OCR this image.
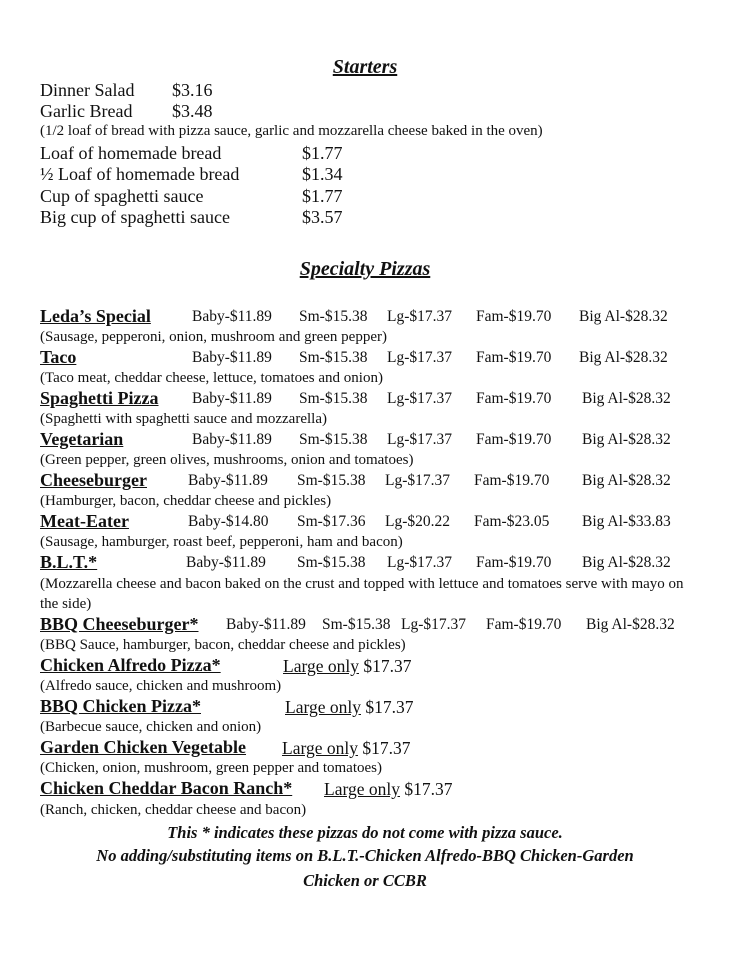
Starters
Dinner Salad $3.16
Garlic Bread $3.48
(1/2 loaf of bread with pizza sauce, garlic and mozzarella cheese baked in the oven)
Loaf of homemade bread	$1.77
½ Loaf of homemade bread	$1.34
Cup of spaghetti sauce	$1.77
Big cup of spaghetti sauce	$3.57
Specialty Pizzas
Leda’s Special	Baby-$11.89 Sm-$15.38 Lg-$17.37 Fam-$19.70 Big Al-$28.32
(Sausage, pepperoni, onion, mushroom and green pepper)
Taco	Baby-$11.89 Sm-$15.38 Lg-$17.37 Fam-$19.70 Big Al-$28.32
(Taco meat, cheddar cheese, lettuce, tomatoes and onion)
Spaghetti Pizza Baby-$11.89 Sm-$15.38 Lg-$17.37 Fam-$19.70 Big Al-$28.32
(Spaghetti with spaghetti sauce and mozzarella)
Vegetarian	Baby-$11.89 Sm-$15.38 Lg-$17.37 Fam-$19.70 Big Al-$28.32
(Green pepper, green olives, mushrooms, onion and tomatoes)
Cheeseburger	Baby-$11.89 Sm-$15.38 Lg-$17.37 Fam-$19.70 Big Al-$28.32
(Hamburger, bacon, cheddar cheese and pickles)
Meat-Eater	Baby-$14.80 Sm-$17.36 Lg-$20.22 Fam-$23.05 Big Al-$33.83
(Sausage, hamburger, roast beef, pepperoni, ham and bacon)
B.L.T.*	Baby-$11.89 Sm-$15.38 Lg-$17.37 Fam-$19.70 Big Al-$28.32
(Mozzarella cheese and bacon baked on the crust and topped with lettuce and tomatoes serve with mayo on the side)
BBQ Cheeseburger* Baby-$11.89 Sm-$15.38 Lg-$17.37 Fam-$19.70 Big Al-$28.32
(BBQ Sauce, hamburger, bacon, cheddar cheese and pickles)
Chicken Alfredo Pizza*	Large only $17.37
(Alfredo sauce, chicken and mushroom)
BBQ Chicken Pizza*	Large only $17.37
(Barbecue sauce, chicken and onion)
Garden Chicken Vegetable Large only $17.37
(Chicken, onion, mushroom, green pepper and tomatoes)
Chicken Cheddar Bacon Ranch* Large only $17.37
(Ranch, chicken, cheddar cheese and bacon)
This * indicates these pizzas do not come with pizza sauce.
No adding/substituting items on B.L.T.-Chicken Alfredo-BBQ Chicken-Garden
Chicken or CCBR
